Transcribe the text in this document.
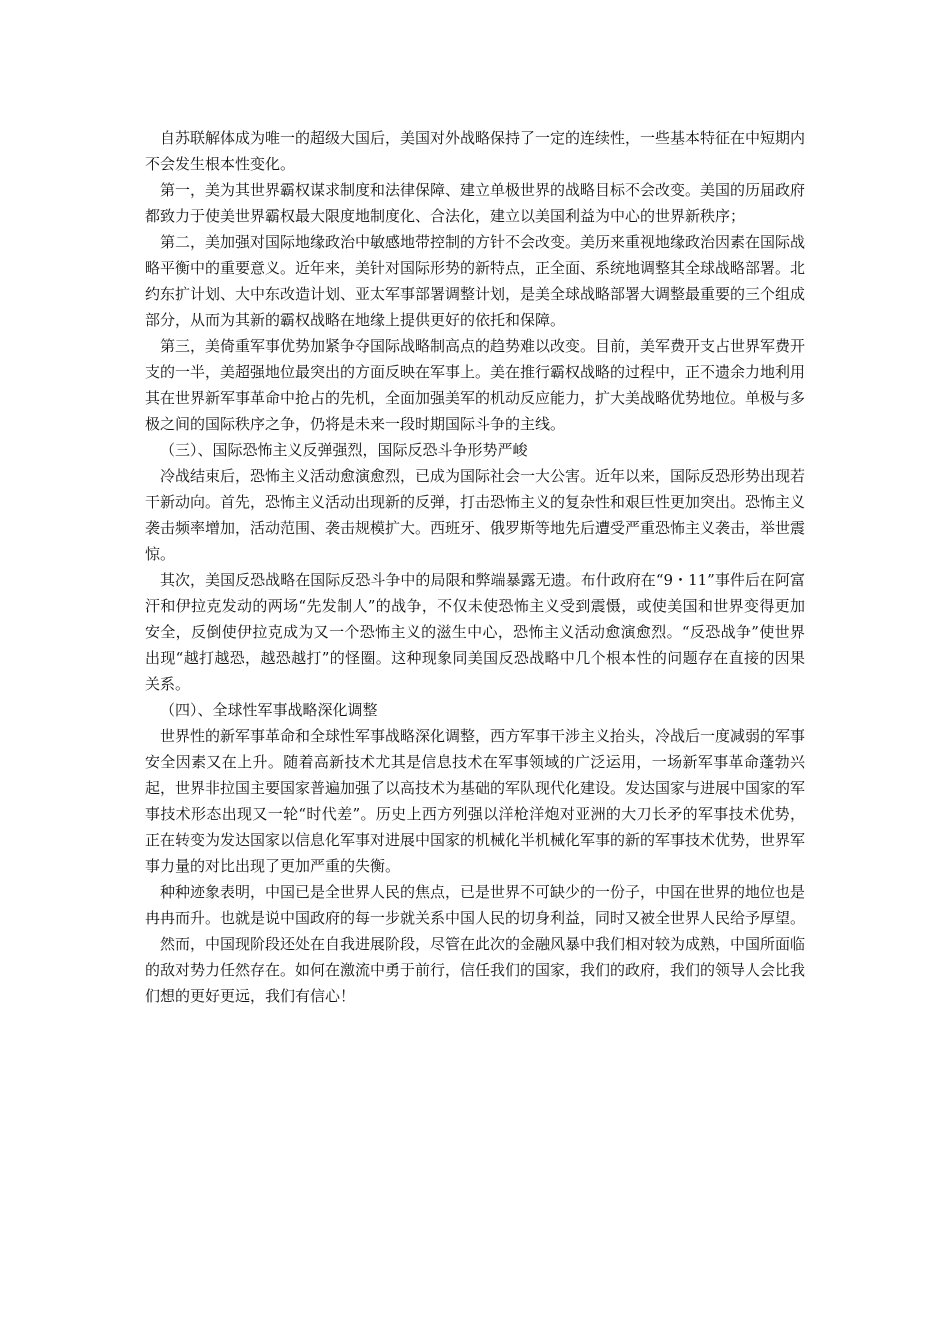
自苏联解体成为唯一的超级大国后，美国对外战略保持了一定的连续性，一些基本特征在中短期内不会发生根本性变化。

第一，美为其世界霸权谋求制度和法律保障、建立单极世界的战略目标不会改变。美国的历届政府都致力于使美世界霸权最大限度地制度化、合法化，建立以美国利益为中心的世界新秩序；

第二，美加强对国际地缘政治中敏感地带控制的方针不会改变。美历来重视地缘政治因素在国际战略平衡中的重要意义。近年来，美针对国际形势的新特点，正全面、系统地调整其全球战略部署。北约东扩计划、大中东改造计划、亚太军事部署调整计划，是美全球战略部署大调整最重要的三个组成部分，从而为其新的霸权战略在地缘上提供更好的依托和保障。

第三，美倚重军事优势加紧争夺国际战略制高点的趋势难以改变。目前，美军费开支占世界军费开支的一半，美超强地位最突出的方面反映在军事上。美在推行霸权战略的过程中，正不遗余力地利用其在世界新军事革命中抢占的先机，全面加强美军的机动反应能力，扩大美战略优势地位。单极与多极之间的国际秩序之争，仍将是未来一段时期国际斗争的主线。

（三）、国际恐怖主义反弹强烈，国际反恐斗争形势严峻

冷战结束后，恐怖主义活动愈演愈烈，已成为国际社会一大公害。近年以来，国际反恐形势出现若干新动向。首先，恐怖主义活动出现新的反弹，打击恐怖主义的复杂性和艰巨性更加突出。恐怖主义袭击频率增加，活动范围、袭击规模扩大。西班牙、俄罗斯等地先后遭受严重恐怖主义袭击，举世震惊。

其次，美国反恐战略在国际反恐斗争中的局限和弊端暴露无遗。布什政府在“9・11”事件后在阿富汗和伊拉克发动的两场“先发制人”的战争，不仅未使恐怖主义受到震慑，或使美国和世界变得更加安全，反倒使伊拉克成为又一个恐怖主义的滋生中心，恐怖主义活动愈演愈烈。“反恐战争”使世界出现“越打越恐，越恐越打”的怪圈。这种现象同美国反恐战略中几个根本性的问题存在直接的因果关系。

（四）、全球性军事战略深化调整

世界性的新军事革命和全球性军事战略深化调整，西方军事干涉主义抬头，冷战后一度减弱的军事安全因素又在上升。随着高新技术尤其是信息技术在军事领域的广泛运用，一场新军事革命蓬勃兴起，世界非拉国主要国家普遍加强了以高技术为基础的军队现代化建设。发达国家与进展中国家的军事技术形态出现又一轮“时代差”。历史上西方列强以洋枪洋炮对亚洲的大刀长矛的军事技术优势，正在转变为发达国家以信息化军事对进展中国家的机械化半机械化军事的新的军事技术优势，世界军事力量的对比出现了更加严重的失衡。

种种迹象表明，中国已是全世界人民的焦点，已是世界不可缺少的一份子，中国在世界的地位也是冉冉而升。也就是说中国政府的每一步就关系中国人民的切身利益，同时又被全世界人民给予厚望。

然而，中国现阶段还处在自我进展阶段，尽管在此次的金融风暴中我们相对较为成熟，中国所面临的敌对势力任然存在。如何在激流中勇于前行，信任我们的国家，我们的政府，我们的领导人会比我们想的更好更远，我们有信心！
